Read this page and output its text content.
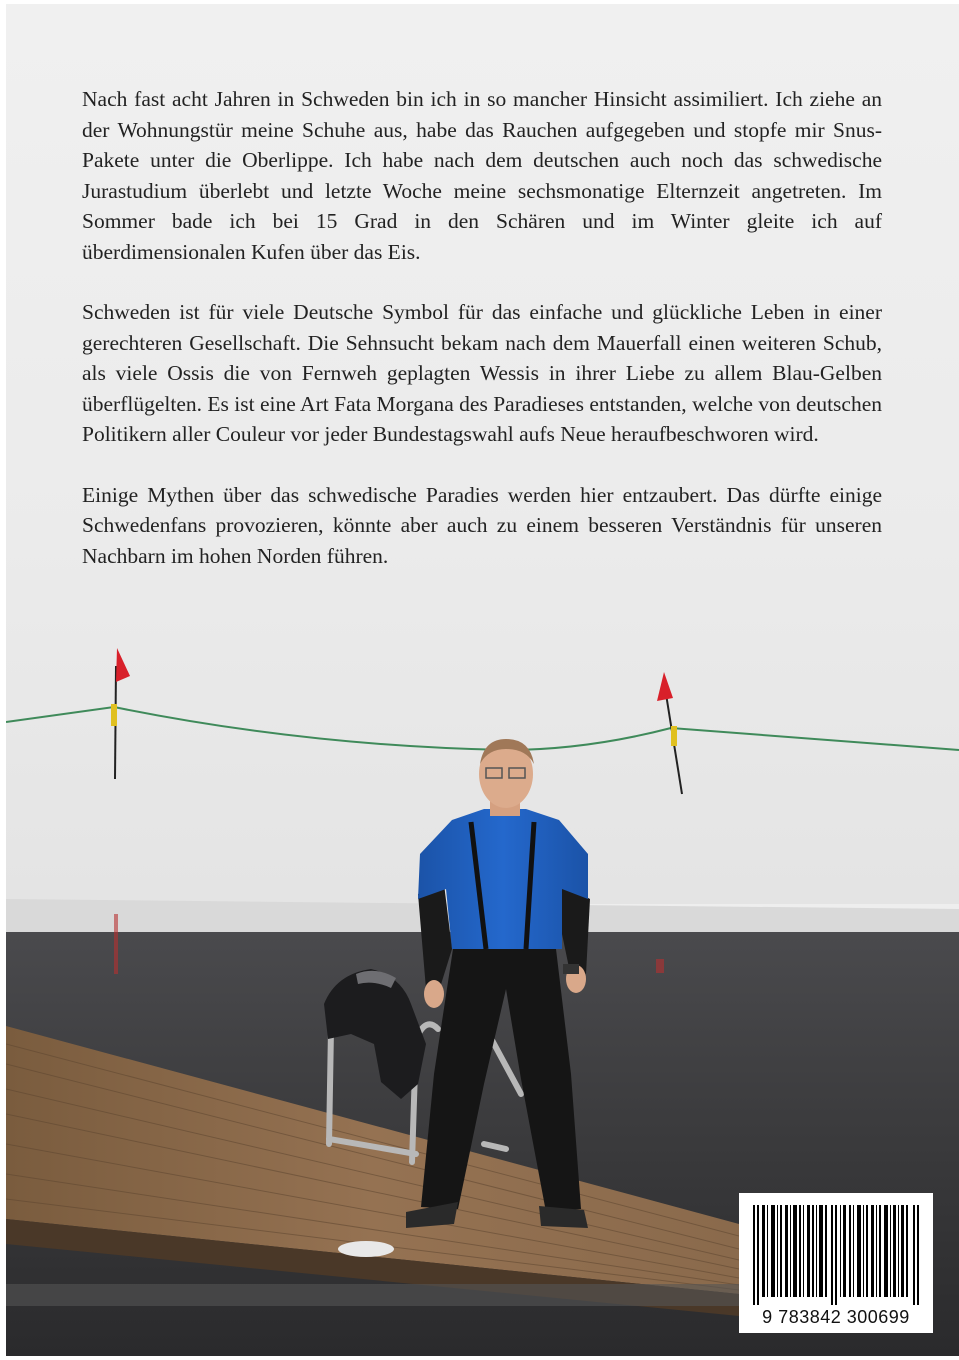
Nach fast acht Jahren in Schweden bin ich in so mancher Hinsicht assimiliert. Ich ziehe an der Wohnungstür meine Schuhe aus, habe das Rauchen aufgegeben und stopfe mir Snus-Pakete unter die Oberlippe. Ich habe nach dem deutschen auch noch das schwedische Jurastudium überlebt und letzte Woche meine sechsmonatige Elternzeit angetreten. Im Sommer bade ich bei 15 Grad in den Schären und im Winter gleite ich auf überdimensionalen Kufen über das Eis.

Schweden ist für viele Deutsche Symbol für das einfache und glückliche Leben in einer gerechteren Gesellschaft. Die Sehnsucht bekam nach dem Mauerfall einen weiteren Schub, als viele Ossis die von Fernweh geplagten Wessis in ihrer Liebe zu allem Blau-Gelben überflügelten. Es ist eine Art Fata Morgana des Paradieses entstanden, welche von deutschen Politikern aller Couleur vor jeder Bundestagswahl aufs Neue heraufbeschworen wird.

Einige Mythen über das schwedische Paradies werden hier entzaubert. Das dürfte einige Schwedenfans provozieren, könnte aber auch zu einem besseren Verständnis für unseren Nachbarn im hohen Norden führen.

9 783842 300699
